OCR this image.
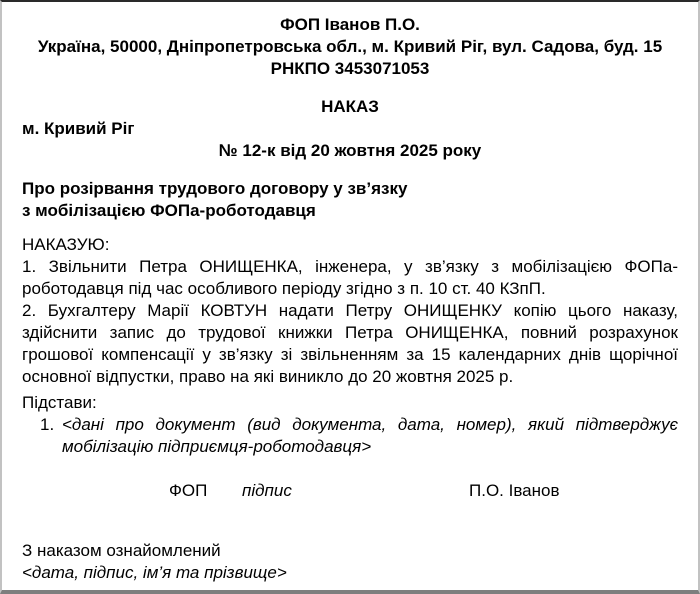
ФОП Іванов П.О.
Україна, 50000, Дніпропетровська обл., м. Кривий Ріг, вул. Садова, буд. 15
РНКПО 3453071053
НАКАЗ
м. Кривий Ріг
№ 12-к від 20 жовтня 2025 року
Про розірвання трудового договору у зв’язку
з мобілізацією ФОПа-роботодавця
НАКАЗУЮ:

1. Звільнити Петра ОНИЩЕНКА, інженера, у зв’язку з мобілізацією ФОПа-роботодавця під час особливого періоду згідно з п. 10 ст. 40 КЗпП.

2. Бухгалтеру Марії КОВТУН надати Петру ОНИЩЕНКУ копію цього наказу, здійснити запис до трудової книжки Петра ОНИЩЕНКА, повний розрахунок грошової компенсації у зв’язку зі звільненням за 15 календарних днів щорічної основної відпустки, право на які виникло до 20 жовтня 2025 р.

Підстави:
1. <дані про документ (вид документа, дата, номер), який підтверджує мобілізацію підприємця-роботодавця>
ФОП підпис	П.О. Іванов
З наказом ознайомлений
<дата, підпис, ім’я та прізвище>
